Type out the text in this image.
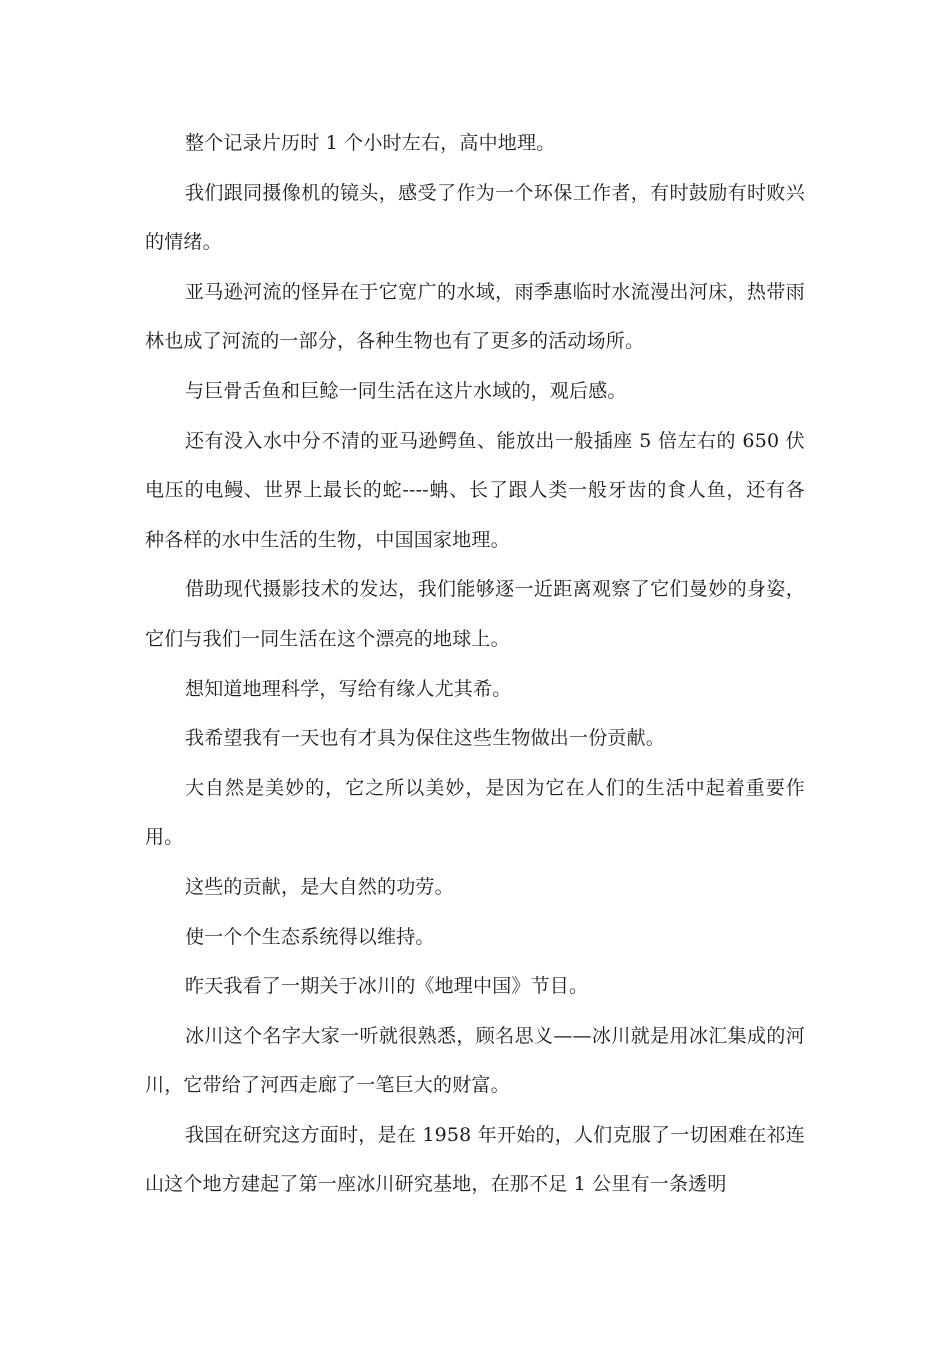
整个记录片历时 1 个小时左右，高中地理。

我们跟同摄像机的镜头，感受了作为一个环保工作者，有时鼓励有时败兴的情绪。

亚马逊河流的怪异在于它宽广的水域，雨季惠临时水流漫出河床，热带雨林也成了河流的一部分，各种生物也有了更多的活动场所。

与巨骨舌鱼和巨鲶一同生活在这片水域的，观后感。

还有没入水中分不清的亚马逊鳄鱼、能放出一般插座 5 倍左右的 650 伏电压的电鳗、世界上最长的蛇----蚺、长了跟人类一般牙齿的食人鱼，还有各种各样的水中生活的生物，中国国家地理。

借助现代摄影技术的发达，我们能够逐一近距离观察了它们曼妙的身姿，它们与我们一同生活在这个漂亮的地球上。

想知道地理科学，写给有缘人尤其希。

我希望我有一天也有才具为保住这些生物做出一份贡献。

大自然是美妙的，它之所以美妙，是因为它在人们的生活中起着重要作用。

这些的贡献，是大自然的功劳。

使一个个生态系统得以维持。

昨天我看了一期关于冰川的《地理中国》节目。

冰川这个名字大家一听就很熟悉，顾名思义——冰川就是用冰汇集成的河川，它带给了河西走廊了一笔巨大的财富。

我国在研究这方面时，是在 1958 年开始的，人们克服了一切困难在祁连山这个地方建起了第一座冰川研究基地，在那不足 1 公里有一条透明
